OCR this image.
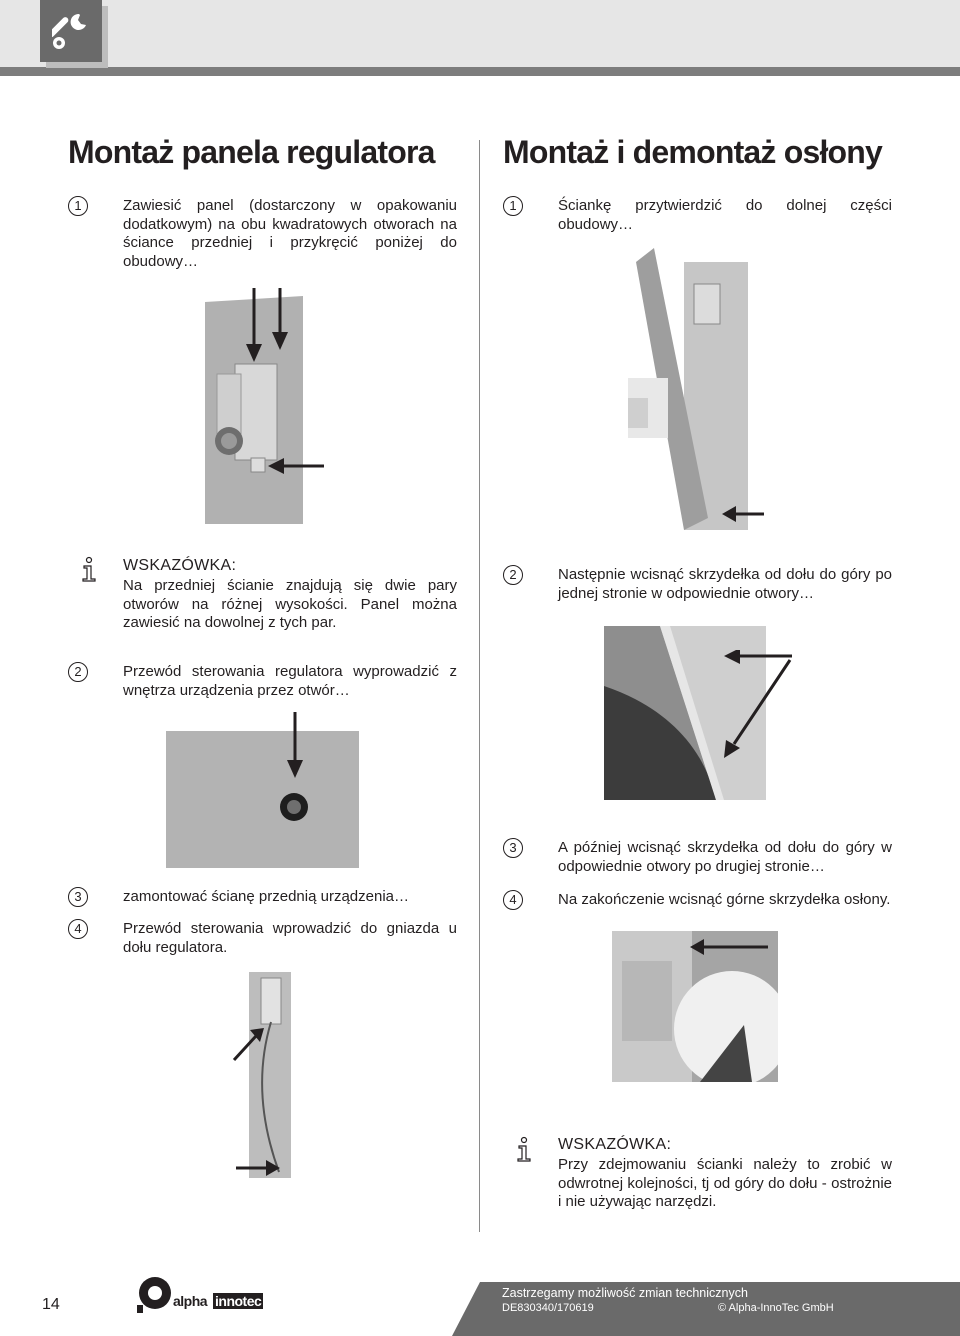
Montaż panela regulatora
1	Zawiesić panel (dostarczony w opakowaniu dodatkowym) na obu kwadratowych otworach na ściance przedniej i przykręcić poniżej do obudowy…
WSKAZÓWKA:
Na przedniej ścianie znajdują się dwie pary otworów na różnej wysokości. Panel można zawiesić na dowolnej z tych par.
2	Przewód sterowania regulatora wyprowadzić z wnętrza urządzenia przez otwór…
3	zamontować ścianę przednią urządzenia…
4	Przewód sterowania wprowadzić do gniazda u dołu regulatora.
Montaż i demontaż osłony
1	Ściankę przytwierdzić do dolnej części obudowy…
2	Następnie wcisnąć skrzydełka od dołu do góry po jednej stronie w odpowiednie otwory…
3	A później wcisnąć skrzydełka od dołu do góry w odpowiednie otwory po drugiej stronie…
4	Na zakończenie wcisnąć górne skrzydełka osłony.
WSKAZÓWKA:
Przy zdejmowaniu ścianki należy to zrobić w odwrotnej kolejności, tj od góry do dołu - ostrożnie i nie używając narzędzi.
14	alpha innotec	Zastrzegamy możliwość zmian technicznych
DE830340/170619	© Alpha-InnoTec GmbH
